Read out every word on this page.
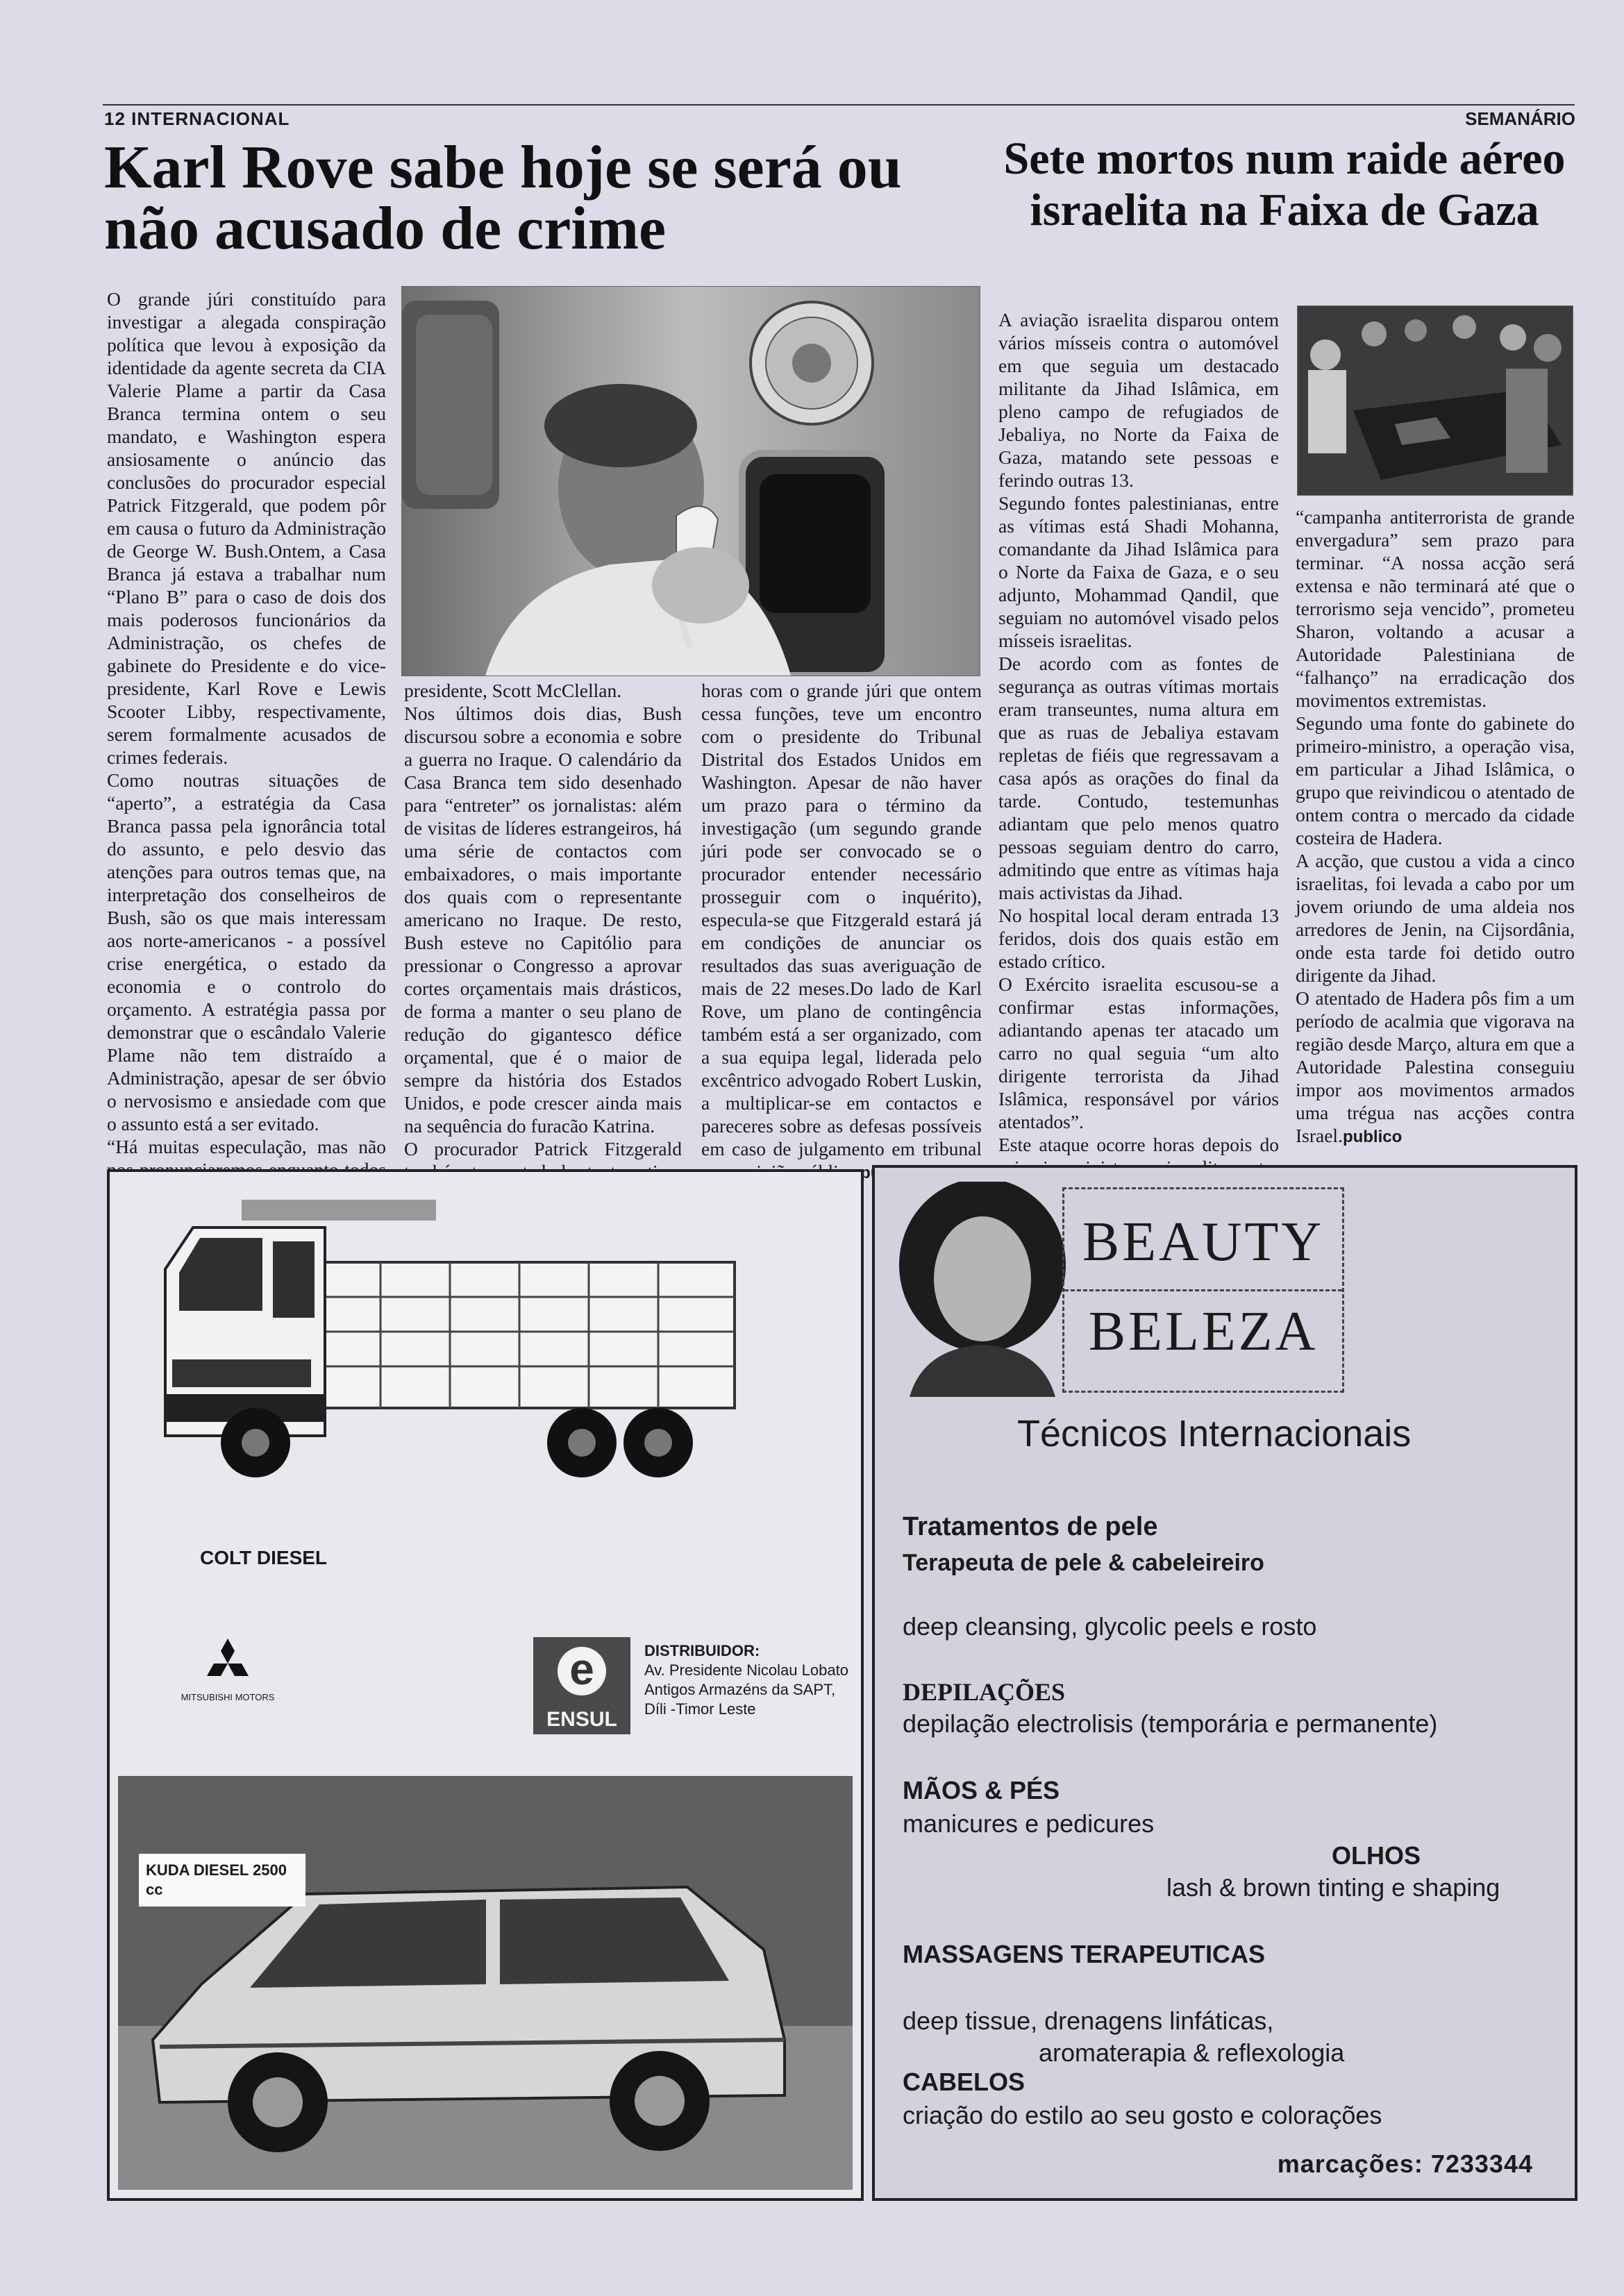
12 INTERNACIONAL	SEMANÁRIO
Karl Rove sabe hoje se será ou não acusado de crime

O grande júri constituído para investigar a alegada conspiração política que levou à exposição da identidade da agente secreta da CIA Valerie Plame a partir da Casa Branca termina ontem o seu mandato, e Washington espera ansiosamente o anúncio das conclusões do procurador especial Patrick Fitzgerald, que podem pôr em causa o futuro da Administração de George W. Bush.Ontem, a Casa Branca já estava a trabalhar num “Plano B” para o caso de dois dos mais poderosos funcionários da Administração, os chefes de gabinete do Presidente e do vice-presidente, Karl Rove e Lewis Scooter Libby, respectivamente, serem formalmente acusados de crimes federais.

Como noutras situações de “aperto”, a estratégia da Casa Branca passa pela ignorância total do assunto, e pelo desvio das atenções para outros temas que, na interpretação dos conselheiros de Bush, são os que mais interessam aos norte-americanos - a possível crise energética, o estado da economia e o controlo do orçamento. A estratégia passa por demonstrar que o escândalo Valerie Plame não tem distraído a Administração, apesar de ser óbvio o nervosismo e ansiedade com que o assunto está a ser evitado.

“Há muitas especulação, mas não

presidente, Scott McClellan.

Nos últimos dois dias, Bush discursou sobre a economia e sobre a guerra no Iraque. O calendário da Casa Branca tem sido desenhado para “entreter” os jornalistas: além de visitas de líderes estrangeiros, há uma série de contactos com embaixadores, o mais importante dos quais com o representante americano no Iraque. De resto, Bush esteve no Capitólio para pressionar o Congresso a aprovar cortes orçamentais mais drásticos, de forma a manter o seu plano de redução do gigantesco défice orçamental, que é o maior de sempre da história dos Estados Unidos, e pode crescer ainda mais na sequência do furacão Katrina.

O procurador Patrick Fitzgerald

horas com o grande júri que ontem cessa funções, teve um encontro com o presidente do Tribunal Distrital dos Estados Unidos em Washington. Apesar de não haver um prazo para o término da investigação (um segundo grande júri pode ser convocado se o procurador entender necessário prosseguir com o inquérito), especula-se que Fitzgerald estará já em condições de anunciar os resultados das suas averiguação de mais de 22 meses.Do lado de Karl Rove, um plano de contingência também está a ser organizado, com a sua equipa legal, liderada pelo excêntrico advogado Robert Luskin, a multiplicar-se em contactos e pareceres sobre as defesas possíveis em caso de julgamento em tribunal

Sete mortos num raide aéreo israelita na Faixa de Gaza

A aviação israelita disparou ontem vários mísseis contra o automóvel em que seguia um destacado militante da Jihad Islâmica, em pleno campo de refugiados de Jebaliya, no Norte da Faixa de Gaza, matando sete pessoas e ferindo outras 13.

Segundo fontes palestinianas, entre as vítimas está Shadi Mohanna, comandante da Jihad Islâmica para o Norte da Faixa de Gaza, e o seu adjunto, Mohammad Qandil, que seguiam no automóvel visado pelos mísseis israelitas.

De acordo com as fontes de segurança as outras vítimas mortais eram transeuntes, numa altura em que as ruas de Jebaliya estavam repletas de fiéis que regressavam a casa após as orações do final da tarde. Contudo, testemunhas adiantam que pelo menos quatro pessoas seguiam dentro do carro, admitindo que entre as vítimas haja mais activistas da Jihad.

No hospital local deram entrada 13 feridos, dois dos quais estão em estado crítico.

O Exército israelita escusou-se a confirmar estas informações, adiantando apenas ter atacado um carro no qual seguia “um alto dirigente terrorista da Jihad Islâmica, responsável por vários atentados”.

Este ataque ocorre horas depois do

“campanha antiterrorista de grande envergadura” sem prazo para terminar. “A nossa acção será extensa e não terminará até que o terrorismo seja vencido”, prometeu Sharon, voltando a acusar a Autoridade Palestiniana de “falhanço” na erradicação dos movimentos extremistas.

Segundo uma fonte do gabinete do primeiro-ministro, a operação visa, em particular a Jihad Islâmica, o grupo que reivindicou o atentado de ontem contra o mercado da cidade costeira de Hadera.

A acção, que custou a vida a cinco israelitas, foi levada a cabo por um jovem oriundo de uma aldeia nos arredores de Jenin, na Cijsordânia, onde esta tarde foi detido outro dirigente da Jihad.

O atentado de Hadera pôs fim a um período de acalmia que vigorava na região desde Março, altura em que a Autoridade Palestina conseguiu impor aos movimentos armados uma trégua nas acções contra Israel.publico

COLT DIESEL
MITSUBISHI MOTORS
e
ENSUL
DISTRIBUIDOR:
Av. Presidente Nicolau Lobato
Antigos Armazéns da SAPT,
Díli -Timor Leste
KUDA DIESEL 2500 cc
BEAUTY
BELEZA
Técnicos Internacionais
Tratamentos de pele
Terapeuta de pele & cabeleireiro
deep cleansing, glycolic peels e rosto
DEPILAÇÕES
depilação electrolisis (temporária e permanente)
MÃOS & PÉS
manicures e pedicures
OLHOS
lash & brown tinting e shaping
MASSAGENS TERAPEUTICAS
deep tissue, drenagens linfáticas,
aromaterapia & reflexologia
CABELOS
criação do estilo ao seu gosto e colorações
marcações: 7233344
